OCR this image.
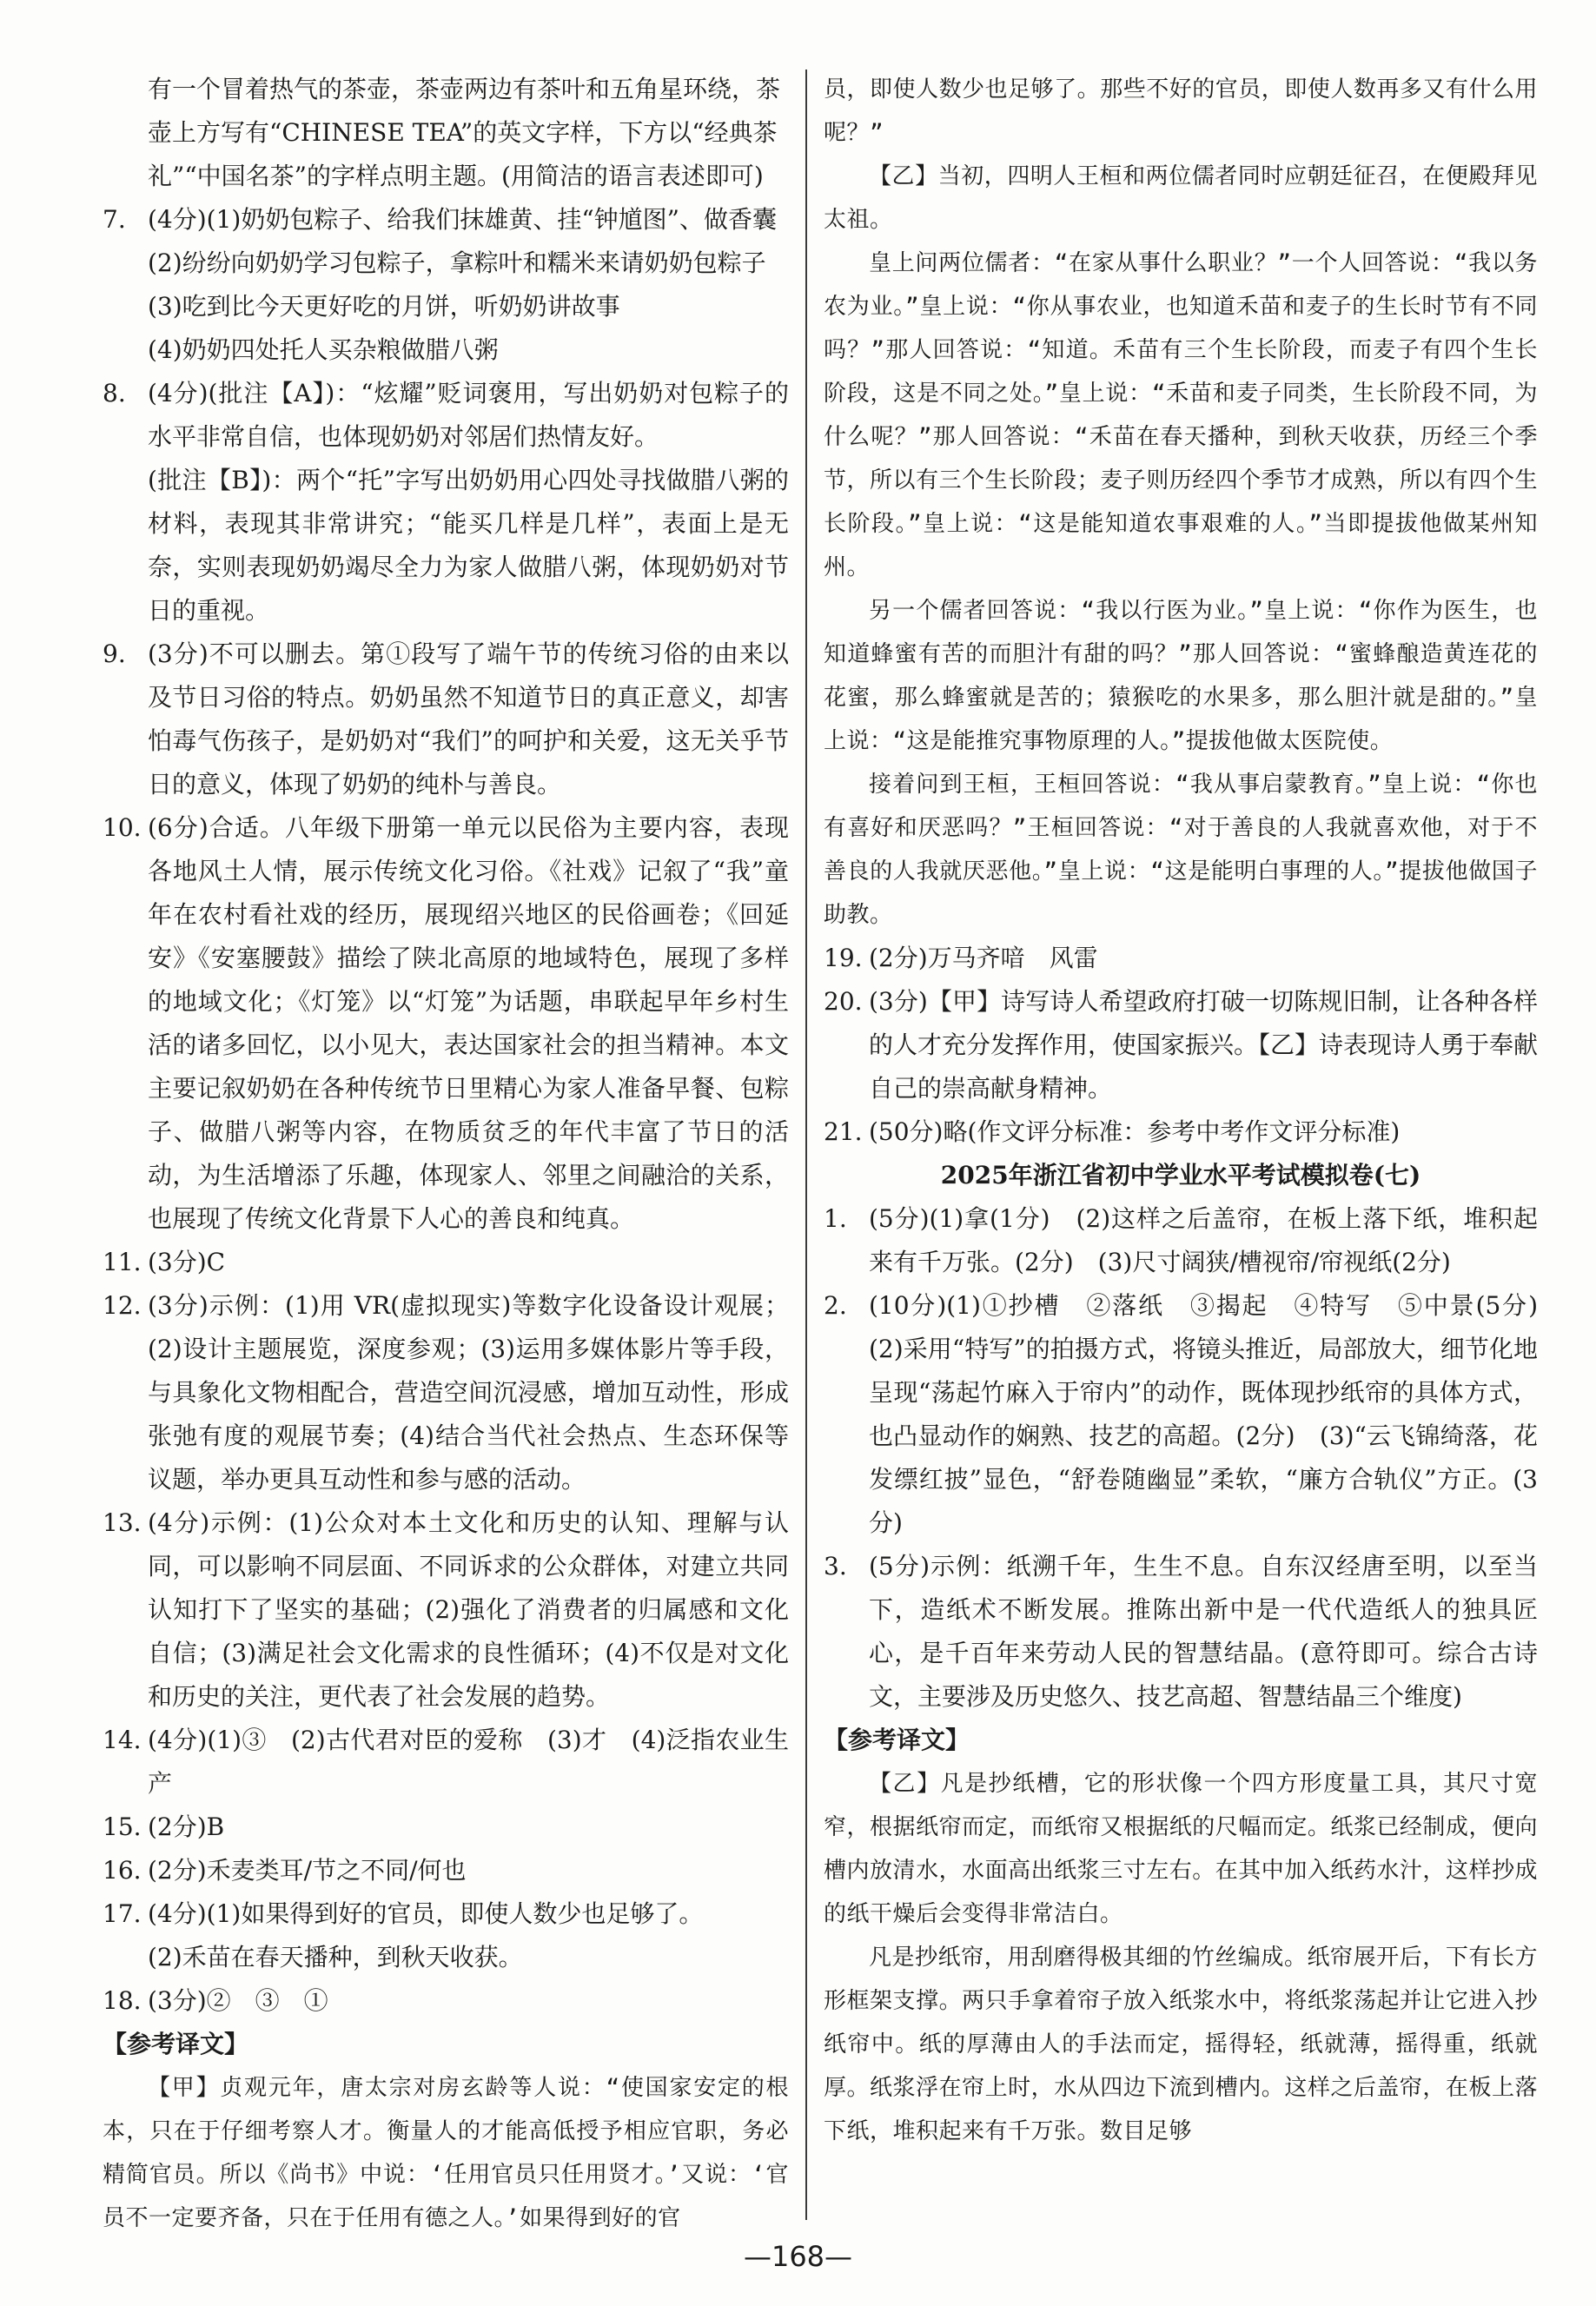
有一个冒着热气的茶壶，茶壶两边有茶叶和五角星环绕，茶

壶上方写有“CHINESE TEA”的英文字样，下方以“经典茶

礼”“中国名茶”的字样点明主题。(用简洁的语言表述即可)

7. (4分)(1)奶奶包粽子、给我们抹雄黄、挂“钟馗图”、做香囊

(2)纷纷向奶奶学习包粽子，拿粽叶和糯米来请奶奶包粽子

(3)吃到比今天更好吃的月饼，听奶奶讲故事

(4)奶奶四处托人买杂粮做腊八粥

8. (4分)(批注【A】)：“炫耀”贬词褒用，写出奶奶对包粽子的水平非常自信，也体现奶奶对邻居们热情友好。

(批注【B】)：两个“托”字写出奶奶用心四处寻找做腊八粥的材料，表现其非常讲究；“能买几样是几样”，表面上是无奈，实则表现奶奶竭尽全力为家人做腊八粥，体现奶奶对节日的重视。

9. (3分)不可以删去。第①段写了端午节的传统习俗的由来以及节日习俗的特点。奶奶虽然不知道节日的真正意义，却害怕毒气伤孩子，是奶奶对“我们”的呵护和关爱，这无关乎节日的意义，体现了奶奶的纯朴与善良。
10. (6分)合适。八年级下册第一单元以民俗为主要内容，表现各地风土人情，展示传统文化习俗。《社戏》记叙了“我”童年在农村看社戏的经历，展现绍兴地区的民俗画卷；《回延安》《安塞腰鼓》描绘了陕北高原的地域特色，展现了多样的地域文化；《灯笼》以“灯笼”为话题，串联起早年乡村生活的诸多回忆，以小见大，表达国家社会的担当精神。本文主要记叙奶奶在各种传统节日里精心为家人准备早餐、包粽子、做腊八粥等内容，在物质贫乏的年代丰富了节日的活动，为生活增添了乐趣，体现家人、邻里之间融洽的关系，也展现了传统文化背景下人心的善良和纯真。
11. (3分)C
12. (3分)示例：(1)用 VR(虚拟现实)等数字化设备设计观展；(2)设计主题展览，深度参观；(3)运用多媒体影片等手段，与具象化文物相配合，营造空间沉浸感，增加互动性，形成张弛有度的观展节奏；(4)结合当代社会热点、生态环保等议题，举办更具互动性和参与感的活动。
13. (4分)示例：(1)公众对本土文化和历史的认知、理解与认同，可以影响不同层面、不同诉求的公众群体，对建立共同认知打下了坚实的基础；(2)强化了消费者的归属感和文化自信；(3)满足社会文化需求的良性循环；(4)不仅是对文化和历史的关注，更代表了社会发展的趋势。
14. (4分)(1)③　(2)古代君对臣的爱称　(3)才　(4)泛指农业生产
15. (2分)B
16. (2分)禾麦类耳/节之不同/何也
17. (4分)(1)如果得到好的官员，即使人数少也足够了。

(2)禾苗在春天播种，到秋天收获。

18. (3分)②　③　①

【参考译文】

【甲】贞观元年，唐太宗对房玄龄等人说：“使国家安定的根本，只在于仔细考察人才。衡量人的才能高低授予相应官职，务必精简官员。所以《尚书》中说：‘任用官员只任用贤才。’又说：‘官员不一定要齐备，只在于任用有德之人。’如果得到好的官

员，即使人数少也足够了。那些不好的官员，即使人数再多又有什么用呢？”

【乙】当初，四明人王桓和两位儒者同时应朝廷征召，在便殿拜见太祖。

皇上问两位儒者：“在家从事什么职业？”一个人回答说：“我以务农为业。”皇上说：“你从事农业，也知道禾苗和麦子的生长时节有不同吗？”那人回答说：“知道。禾苗有三个生长阶段，而麦子有四个生长阶段，这是不同之处。”皇上说：“禾苗和麦子同类，生长阶段不同，为什么呢？”那人回答说：“禾苗在春天播种，到秋天收获，历经三个季节，所以有三个生长阶段；麦子则历经四个季节才成熟，所以有四个生长阶段。”皇上说：“这是能知道农事艰难的人。”当即提拔他做某州知州。

另一个儒者回答说：“我以行医为业。”皇上说：“你作为医生，也知道蜂蜜有苦的而胆汁有甜的吗？”那人回答说：“蜜蜂酿造黄连花的花蜜，那么蜂蜜就是苦的；猿猴吃的水果多，那么胆汁就是甜的。”皇上说：“这是能推究事物原理的人。”提拔他做太医院使。

接着问到王桓，王桓回答说：“我从事启蒙教育。”皇上说：“你也有喜好和厌恶吗？”王桓回答说：“对于善良的人我就喜欢他，对于不善良的人我就厌恶他。”皇上说：“这是能明白事理的人。”提拔他做国子助教。

19. (2分)万马齐喑　风雷
20. (3分)【甲】诗写诗人希望政府打破一切陈规旧制，让各种各样的人才充分发挥作用，使国家振兴。【乙】诗表现诗人勇于奉献自己的崇高献身精神。
21. (50分)略(作文评分标准：参考中考作文评分标准)

2025年浙江省初中学业水平考试模拟卷(七)

1. (5分)(1)拿(1分)　(2)这样之后盖帘，在板上落下纸，堆积起来有千万张。(2分)　(3)尺寸阔狭/槽视帘/帘视纸(2分)
2. (10分)(1)①抄槽　②落纸　③揭起　④特写　⑤中景(5分)　(2)采用“特写”的拍摄方式，将镜头推近，局部放大，细节化地呈现“荡起竹麻入于帘内”的动作，既体现抄纸帘的具体方式，也凸显动作的娴熟、技艺的高超。(2分)　(3)“云飞锦绮落，花发缥红披”显色，“舒卷随幽显”柔软，“廉方合轨仪”方正。(3分)
3. (5分)示例：纸溯千年，生生不息。自东汉经唐至明，以至当下，造纸术不断发展。推陈出新中是一代代造纸人的独具匠心，是千百年来劳动人民的智慧结晶。(意符即可。综合古诗文，主要涉及历史悠久、技艺高超、智慧结晶三个维度)

【参考译文】

【乙】凡是抄纸槽，它的形状像一个四方形度量工具，其尺寸宽窄，根据纸帘而定，而纸帘又根据纸的尺幅而定。纸浆已经制成，便向槽内放清水，水面高出纸浆三寸左右。在其中加入纸药水汁，这样抄成的纸干燥后会变得非常洁白。

凡是抄纸帘，用刮磨得极其细的竹丝编成。纸帘展开后，下有长方形框架支撑。两只手拿着帘子放入纸浆水中，将纸浆荡起并让它进入抄纸帘中。纸的厚薄由人的手法而定，摇得轻，纸就薄，摇得重，纸就厚。纸浆浮在帘上时，水从四边下流到槽内。这样之后盖帘，在板上落下纸，堆积起来有千万张。数目足够

—168—
